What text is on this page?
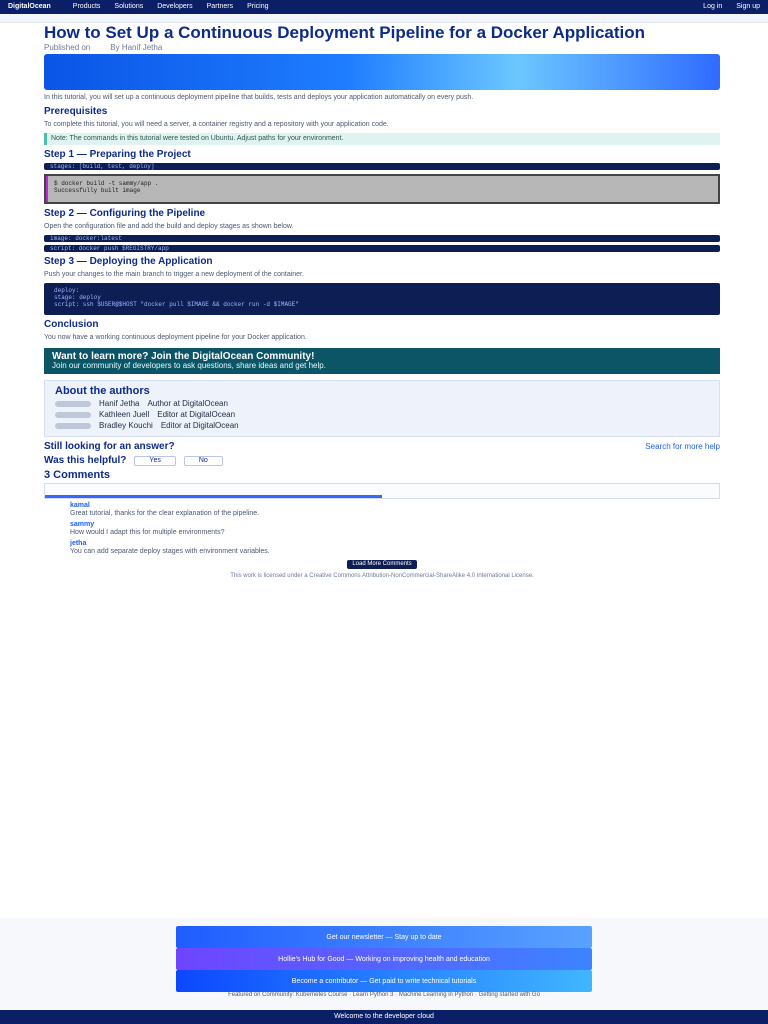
DigitalOcean	Products Solutions Developers Partners Pricing	Log in Sign up
How to Set Up a Continuous Deployment Pipeline for a Docker Application
Published on	By Hanif Jetha

In this tutorial, you will set up a continuous deployment pipeline that builds, tests and deploys your application automatically on every push.

Prerequisites

To complete this tutorial, you will need a server, a container registry and a repository with your application code.

Note: The commands in this tutorial were tested on Ubuntu. Adjust paths for your environment.
Step 1 — Preparing the Project
stages: [build, test, deploy]
$ docker build -t sammy/app .
Successfully built image
Step 2 — Configuring the Pipeline

Open the configuration file and add the build and deploy stages as shown below.

image: docker:latest
script: docker push $REGISTRY/app
Step 3 — Deploying the Application

Push your changes to the main branch to trigger a new deployment of the container.

deploy:
stage: deploy
script: ssh $USER@$HOST "docker pull $IMAGE && docker run -d $IMAGE"
Conclusion

You now have a working continuous deployment pipeline for your Docker application.

Want to learn more? Join the DigitalOcean Community!
Join our community of developers to ask questions, share ideas and get help.
About the authors
Hanif Jetha Author at DigitalOcean
Kathleen Juell Editor at DigitalOcean
Bradley Kouchi Editor at DigitalOcean
Still looking for an answer?	Search for more help
Was this helpful?	Yes	No
3 Comments
kamal
Great tutorial, thanks for the clear explanation of the pipeline.
sammy
How would I adapt this for multiple environments?
jetha
You can add separate deploy stages with environment variables.
Load More Comments
This work is licensed under a Creative Commons Attribution-NonCommercial-ShareAlike 4.0 International License.
Get our newsletter — Stay up to date
Hollie's Hub for Good — Working on improving health and education
Become a contributor — Get paid to write technical tutorials
Featured on Community: Kubernetes Course · Learn Python 3 · Machine Learning in Python · Getting started with Go
Welcome to the developer cloud
